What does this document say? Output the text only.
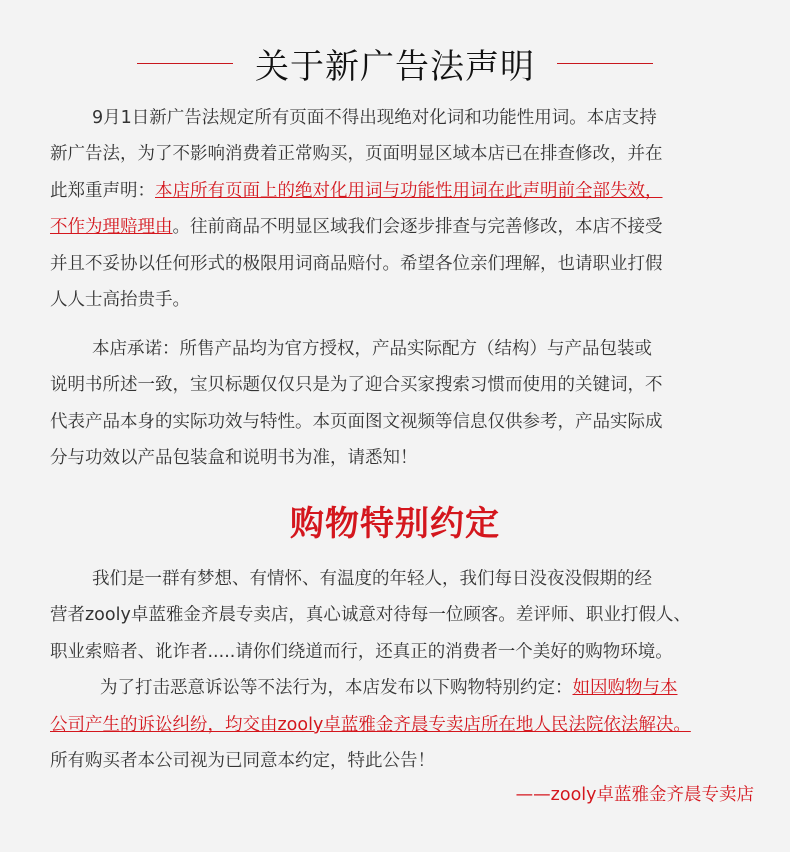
关于新广告法声明

9月1日新广告法规定所有页面不得出现绝对化词和功能性用词。本店支持

新广告法，为了不影响消费着正常购买，页面明显区域本店已在排查修改，并在

此郑重声明：本店所有页面上的绝对化用词与功能性用词在此声明前全部失效，

不作为理赔理由。往前商品不明显区域我们会逐步排查与完善修改，本店不接受

并且不妥协以任何形式的极限用词商品赔付。希望各位亲们理解，也请职业打假

人人士高抬贵手。

本店承诺：所售产品均为官方授权，产品实际配方（结构）与产品包装或

说明书所述一致，宝贝标题仅仅只是为了迎合买家搜索习惯而使用的关键词，不

代表产品本身的实际功效与特性。本页面图文视频等信息仅供参考，产品实际成

分与功效以产品包装盒和说明书为准，请悉知！

购物特别约定

我们是一群有梦想、有情怀、有温度的年轻人，我们每日没夜没假期的经

营者zooly卓蓝雅金齐晨专卖店，真心诚意对待每一位顾客。差评师、职业打假人、

职业索赔者、讹诈者.....请你们绕道而行，还真正的消费者一个美好的购物环境。

为了打击恶意诉讼等不法行为，本店发布以下购物特别约定：如因购物与本

公司产生的诉讼纠纷，均交由zooly卓蓝雅金齐晨专卖店所在地人民法院依法解决。

所有购买者本公司视为已同意本约定，特此公告！

——zooly卓蓝雅金齐晨专卖店
